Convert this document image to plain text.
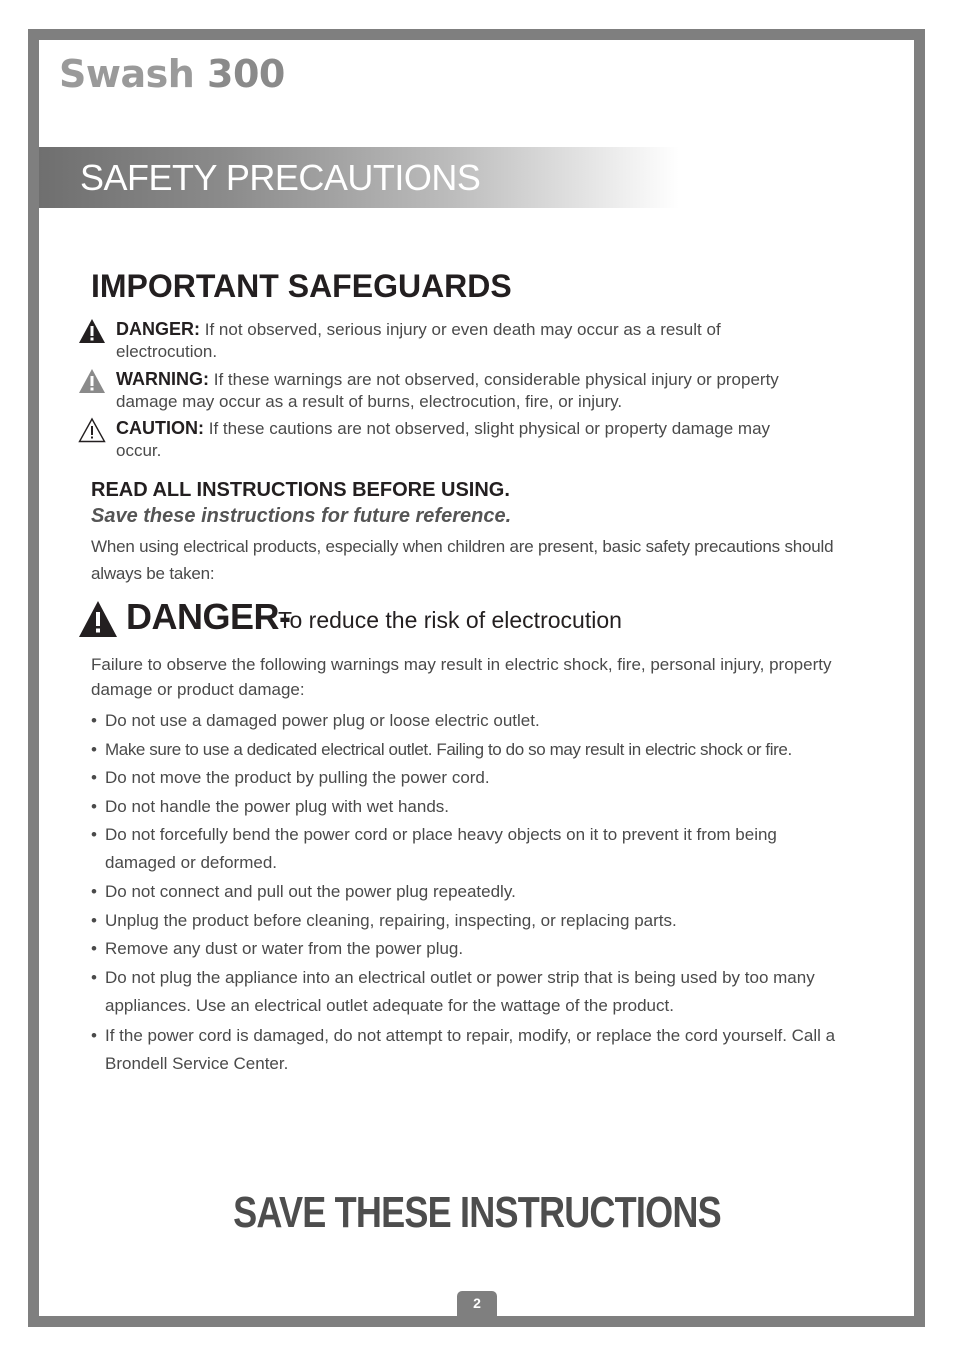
Swash 300
SAFETY PRECAUTIONS
IMPORTANT SAFEGUARDS
DANGER: If not observed, serious injury or even death may occur as a result of electrocution.
WARNING: If these warnings are not observed, considerable physical injury or property damage may occur as a result of burns, electrocution, fire, or injury.
CAUTION: If these cautions are not observed, slight physical or property damage may occur.
READ ALL INSTRUCTIONS BEFORE USING.
Save these instructions for future reference.
When using electrical products, especially when children are present, basic safety precautions should always be taken:
DANGER-
To reduce the risk of electrocution
Failure to observe the following warnings may result in electric shock, fire, personal injury, property damage or product damage:
• Do not use a damaged power plug or loose electric outlet.
• Make sure to use a dedicated electrical outlet. Failing to do so may result in electric shock or fire.
• Do not move the product by pulling the power cord.
• Do not handle the power plug with wet hands.
• Do not forcefully bend the power cord or place heavy objects on it to prevent it from being damaged or deformed.
• Do not connect and pull out the power plug repeatedly.
• Unplug the product before cleaning, repairing, inspecting, or replacing parts.
• Remove any dust or water from the power plug.
• Do not plug the appliance into an electrical outlet or power strip that is being used by too many appliances. Use an electrical outlet adequate for the wattage of the product.
• If the power cord is damaged, do not attempt to repair, modify, or replace the cord yourself. Call a Brondell Service Center.
SAVE THESE INSTRUCTIONS
2
